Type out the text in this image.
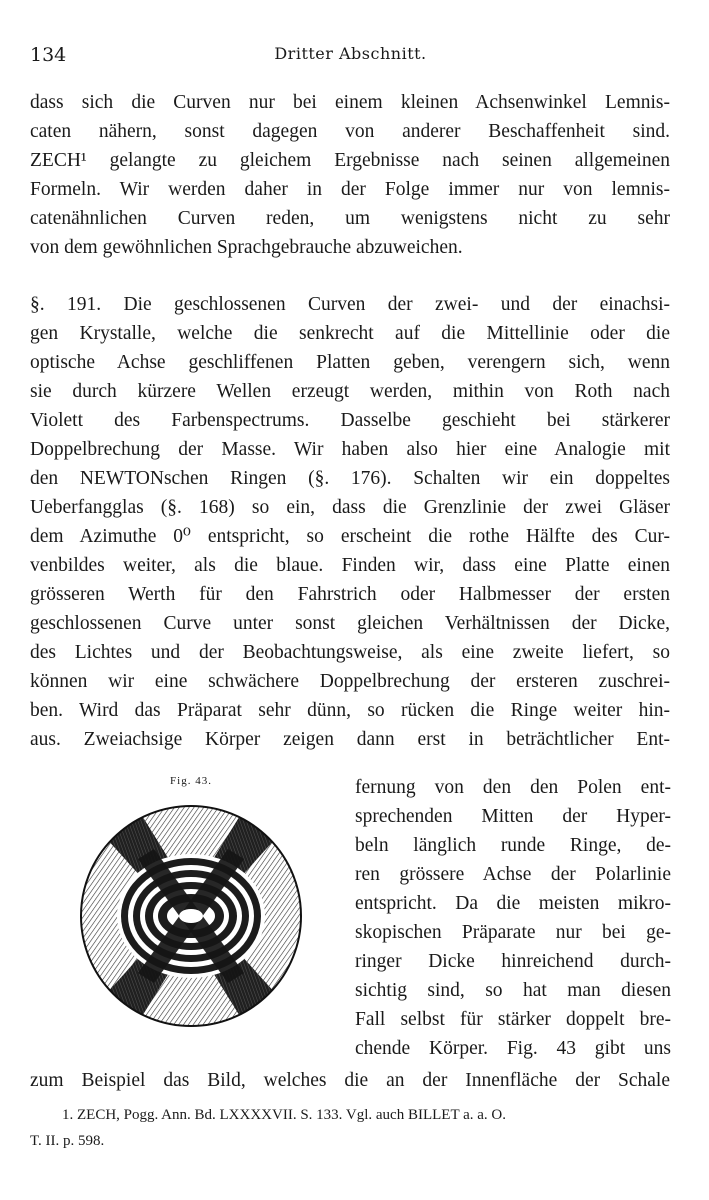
134	Dritter Abschnitt.
dass sich die Curven nur bei einem kleinen Achsenwinkel Lemnis-
caten nähern, sonst dagegen von anderer Beschaffenheit sind.
ZECH¹ gelangte zu gleichem Ergebnisse nach seinen allgemeinen
Formeln. Wir werden daher in der Folge immer nur von lemnis-
catenähnlichen Curven reden, um wenigstens nicht zu sehr
von dem gewöhnlichen Sprachgebrauche abzuweichen.
§. 191. Die geschlossenen Curven der zwei- und der einachsi-
gen Krystalle, welche die senkrecht auf die Mittellinie oder die
optische Achse geschliffenen Platten geben, verengern sich, wenn
sie durch kürzere Wellen erzeugt werden, mithin von Roth nach
Violett des Farbenspectrums. Dasselbe geschieht bei stärkerer
Doppelbrechung der Masse. Wir haben also hier eine Analogie mit
den NEWTONschen Ringen (§. 176). Schalten wir ein doppeltes
Ueberfangglas (§. 168) so ein, dass die Grenzlinie der zwei Gläser
dem Azimuthe 0⁰ entspricht, so erscheint die rothe Hälfte des Cur-
venbildes weiter, als die blaue. Finden wir, dass eine Platte einen
grösseren Werth für den Fahrstrich oder Halbmesser der ersten
geschlossenen Curve unter sonst gleichen Verhältnissen der Dicke,
des Lichtes und der Beobachtungsweise, als eine zweite liefert, so
können wir eine schwächere Doppelbrechung der ersteren zuschrei-
ben. Wird das Präparat sehr dünn, so rücken die Ringe weiter hin-
aus. Zweiachsige Körper zeigen dann erst in beträchtlicher Ent-
Fig. 43.	fernung von den den Polen ent-
sprechenden Mitten der Hyper-
beln länglich runde Ringe, de-
ren grössere Achse der Polarlinie
entspricht. Da die meisten mikro-
skopischen Präparate nur bei ge-
ringer Dicke hinreichend durch-
sichtig sind, so hat man diesen
Fall selbst für stärker doppelt bre-
chende Körper. Fig. 43 gibt uns
zum Beispiel das Bild, welches die an der Innenfläche der Schale
1. ZECH, Pogg. Ann. Bd. LXXXXVII. S. 133. Vgl. auch BILLET a. a. O.
T. II. p. 598.
